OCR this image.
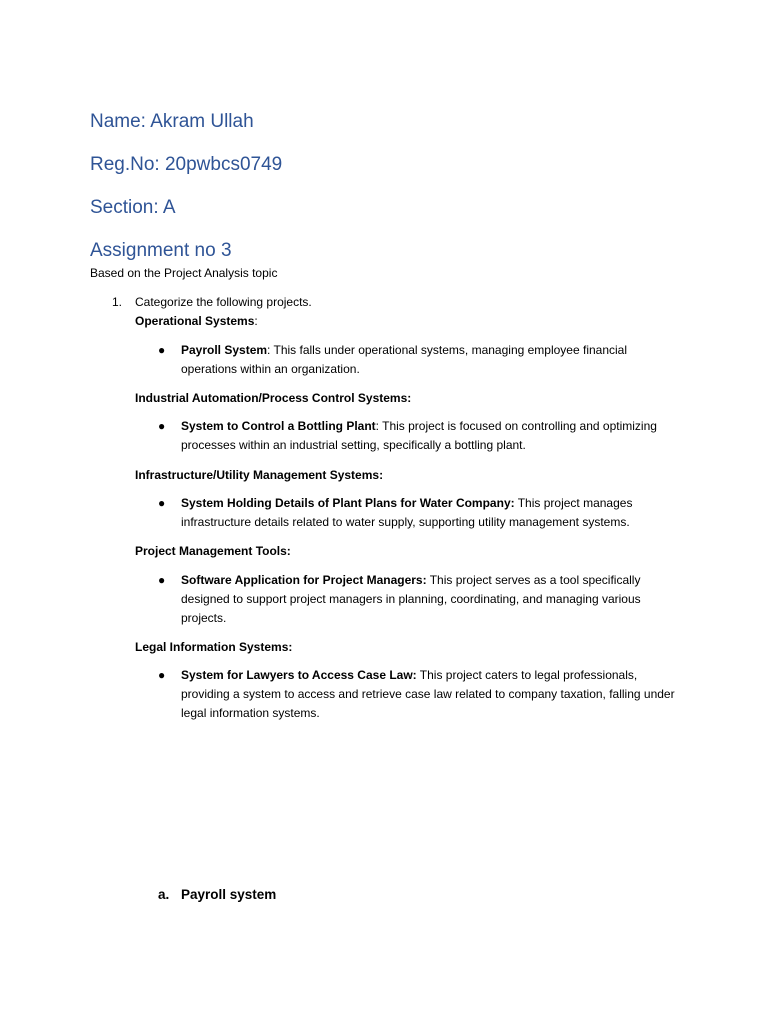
Name: Akram Ullah
Reg.No: 20pwbcs0749
Section: A
Assignment no 3
Based on the Project Analysis topic
1. Categorize the following projects.
Operational Systems:
● Payroll System: This falls under operational systems, managing employee financial operations within an organization.
Industrial Automation/Process Control Systems:
● System to Control a Bottling Plant: This project is focused on controlling and optimizing processes within an industrial setting, specifically a bottling plant.
Infrastructure/Utility Management Systems:
● System Holding Details of Plant Plans for Water Company: This project manages infrastructure details related to water supply, supporting utility management systems.
Project Management Tools:
● Software Application for Project Managers: This project serves as a tool specifically designed to support project managers in planning, coordinating, and managing various projects.
Legal Information Systems:
● System for Lawyers to Access Case Law: This project caters to legal professionals, providing a system to access and retrieve case law related to company taxation, falling under legal information systems.
a. Payroll system
